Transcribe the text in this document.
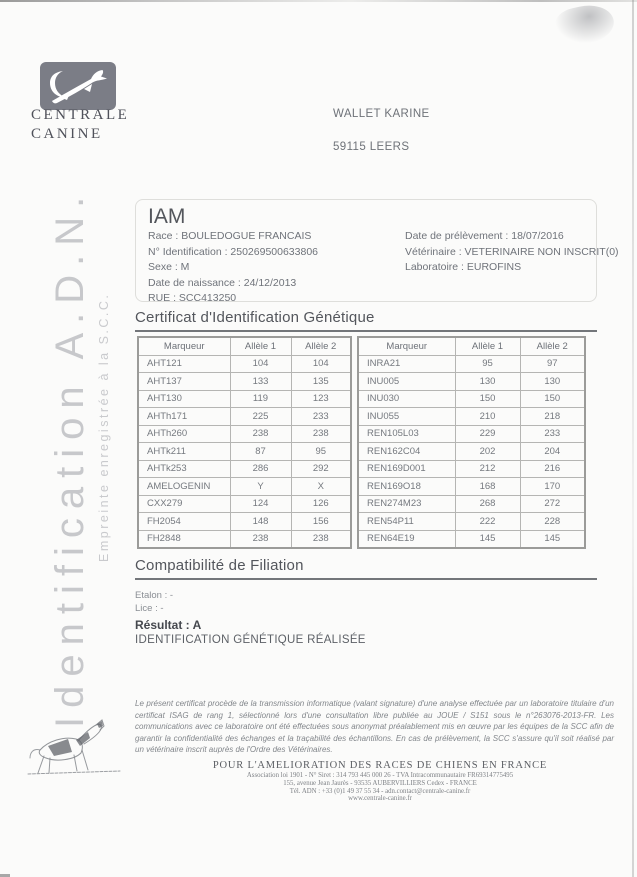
CENTRALE
CANINE
Identification A.D.N. Empreinte enregistrée à la S.C.C.
WALLET KARINE
59115 LEERS
IAM
Race : BOULEDOGUE FRANCAIS
N° Identification : 250269500633806
Sexe : M
Date de naissance : 24/12/2013
RUE : SCC413250
Date de prélèvement : 18/07/2016
Vétérinaire : VETERINAIRE NON INSCRIT(0)
Laboratoire : EUROFINS
Certificat d'Identification Génétique
Marqueur	Allèle 1	Allèle 2
AHT121	104	104
AHT137	133	135
AHT130	119	123
AHTh171	225	233
AHTh260	238	238
AHTk211	87	95
AHTk253	286	292
AMELOGENIN	Y	X
CXX279	124	126
FH2054	148	156
FH2848	238	238
Marqueur	Allèle 1	Allèle 2
INRA21	95	97
INU005	130	130
INU030	150	150
INU055	210	218
REN105L03	229	233
REN162C04	202	204
REN169D001	212	216
REN169O18	168	170
REN274M23	268	272
REN54P11	222	228
REN64E19	145	145
Compatibilité de Filiation
Etalon : -
Lice : -
Résultat : A
IDENTIFICATION GÉNÉTIQUE RÉALISÉE
Le présent certificat procède de la transmission informatique (valant signature) d'une analyse effectuée par un laboratoire titulaire d'un certificat ISAG de rang 1, sélectionné lors d'une consultation libre publiée au JOUE / S151 sous le n°263076-2013-FR. Les communications avec ce laboratoire ont été effectuées sous anonymat préalablement mis en œuvre par les équipes de la SCC afin de garantir la confidentialité des échanges et la traçabilité des échantillons. En cas de prélèvement, la SCC s'assure qu'il soit réalisé par un vétérinaire inscrit auprès de l'Ordre des Vétérinaires.
POUR L'AMELIORATION DES RACES DE CHIENS EN FRANCE
Association loi 1901 - N° Siret : 314 793 445 000 26 - TVA Intracommunautaire FR69314775495
155, avenue Jean Jaurès - 93535 AUBERVILLIERS Cedex - FRANCE
Tél. ADN : +33 (0)1 49 37 55 34 - adn.contact@centrale-canine.fr
www.centrale-canine.fr
